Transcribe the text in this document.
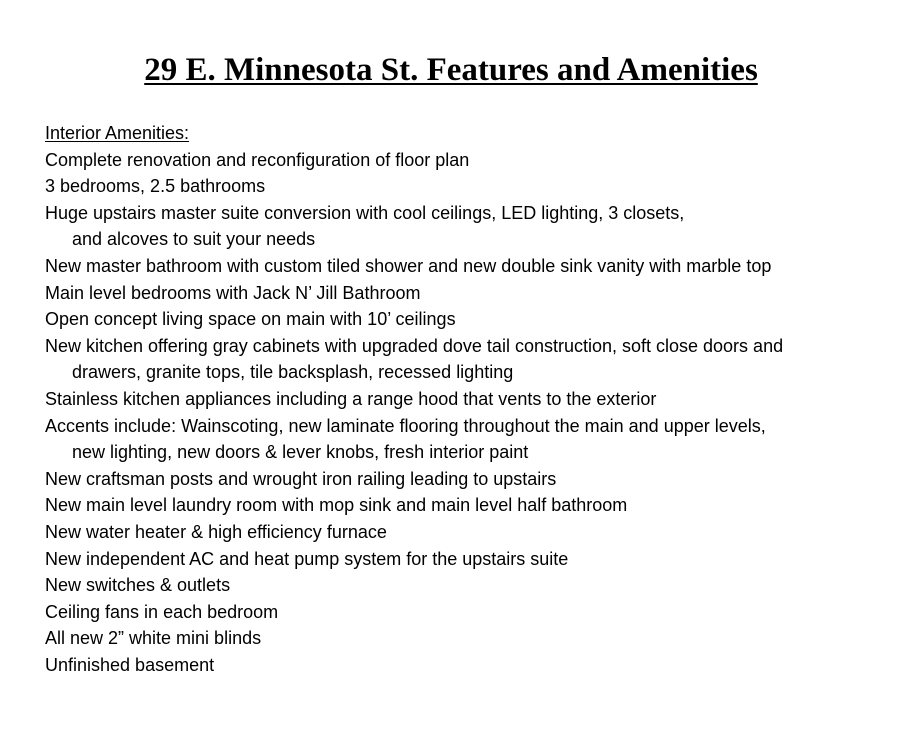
29 E. Minnesota St. Features and Amenities
Interior Amenities:
Complete renovation and reconfiguration of floor plan
3 bedrooms, 2.5 bathrooms
Huge upstairs master suite conversion with cool ceilings, LED lighting, 3 closets,
and alcoves to suit your needs
New master bathroom with custom tiled shower and new double sink vanity with marble top
Main level bedrooms with Jack N’ Jill Bathroom
Open concept living space on main with 10’ ceilings
New kitchen offering gray cabinets with upgraded dove tail construction, soft close doors and
drawers, granite tops, tile backsplash, recessed lighting
Stainless kitchen appliances including a range hood that vents to the exterior
Accents include: Wainscoting, new laminate flooring throughout the main and upper levels,
new lighting, new doors & lever knobs, fresh interior paint
New craftsman posts and wrought iron railing leading to upstairs
New main level laundry room with mop sink and main level half bathroom
New water heater & high efficiency furnace
New independent AC and heat pump system for the upstairs suite
New switches & outlets
Ceiling fans in each bedroom
All new 2” white mini blinds
Unfinished basement
